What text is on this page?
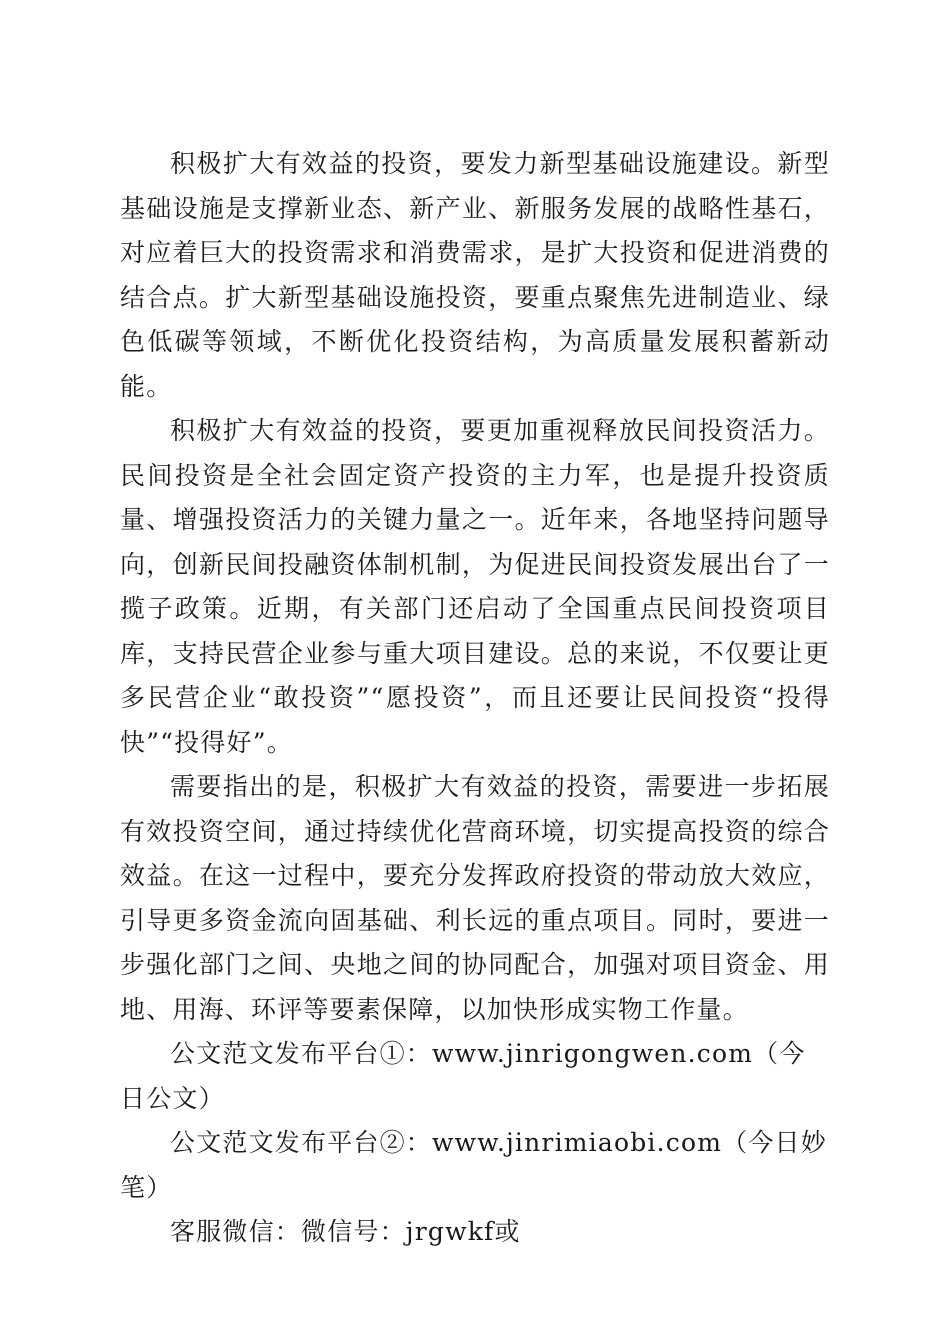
积极扩大有效益的投资，要发力新型基础设施建设。新型基础设施是支撑新业态、新产业、新服务发展的战略性基石，对应着巨大的投资需求和消费需求，是扩大投资和促进消费的结合点。扩大新型基础设施投资，要重点聚焦先进制造业、绿色低碳等领域，不断优化投资结构，为高质量发展积蓄新动能。

积极扩大有效益的投资，要更加重视释放民间投资活力。民间投资是全社会固定资产投资的主力军，也是提升投资质量、增强投资活力的关键力量之一。近年来，各地坚持问题导向，创新民间投融资体制机制，为促进民间投资发展出台了一揽子政策。近期，有关部门还启动了全国重点民间投资项目库，支持民营企业参与重大项目建设。总的来说，不仅要让更多民营企业“敢投资”“愿投资”，而且还要让民间投资“投得快”“投得好”。

需要指出的是，积极扩大有效益的投资，需要进一步拓展有效投资空间，通过持续优化营商环境，切实提高投资的综合效益。在这一过程中，要充分发挥政府投资的带动放大效应，引导更多资金流向固基础、利长远的重点项目。同时，要进一步强化部门之间、央地之间的协同配合，加强对项目资金、用地、用海、环评等要素保障，以加快形成实物工作量。

公文范文发布平台①：www.jinrigongwen.com（今日公文）

公文范文发布平台②：www.jinrimiaobi.com（今日妙笔）

客服微信：微信号：jrgwkf或
